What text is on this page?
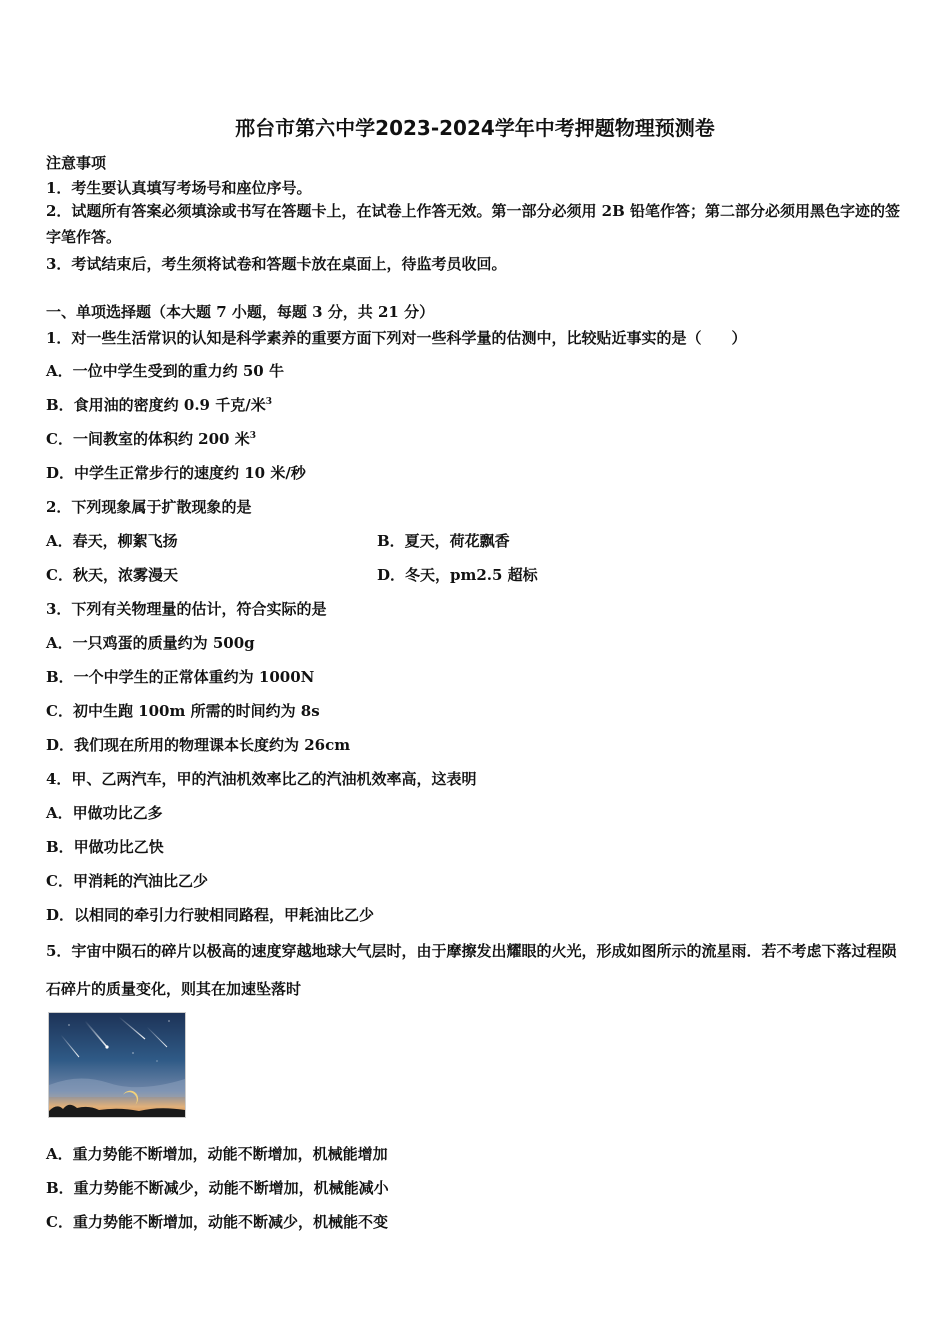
邢台市第六中学2023-2024学年中考押题物理预测卷
注意事项
1．考生要认真填写考场号和座位序号。
2．试题所有答案必须填涂或书写在答题卡上，在试卷上作答无效。第一部分必须用 2B 铅笔作答；第二部分必须用黑色字迹的签字笔作答。
3．考试结束后，考生须将试卷和答题卡放在桌面上，待监考员收回。
一、单项选择题（本大题 7 小题，每题 3 分，共 21 分）
1．对一些生活常识的认知是科学素养的重要方面下列对一些科学量的估测中，比较贴近事实的是（　　）
A．一位中学生受到的重力约 50 牛
B．食用油的密度约 0.9 千克/米$^3$
C．一间教室的体积约 200 米$^3$
D．中学生正常步行的速度约 10 米/秒
2．下列现象属于扩散现象的是
A．春天，柳絮飞扬	B．夏天，荷花飘香
C．秋天，浓雾漫天	D．冬天，pm2.5 超标
3．下列有关物理量的估计，符合实际的是
A．一只鸡蛋的质量约为 500g
B．一个中学生的正常体重约为 1000N
C．初中生跑 100m 所需的时间约为 8s
D．我们现在所用的物理课本长度约为 26cm
4．甲、乙两汽车，甲的汽油机效率比乙的汽油机效率高，这表明
A．甲做功比乙多
B．甲做功比乙快
C．甲消耗的汽油比乙少
D．以相同的牵引力行驶相同路程，甲耗油比乙少
5．宇宙中陨石的碎片以极高的速度穿越地球大气层时，由于摩擦发出耀眼的火光，形成如图所示的流星雨．若不考虑下落过程陨石碎片的质量变化，则其在加速坠落时
A．重力势能不断增加，动能不断增加，机械能增加
B．重力势能不断减少，动能不断增加，机械能减小
C．重力势能不断增加，动能不断减少，机械能不变
